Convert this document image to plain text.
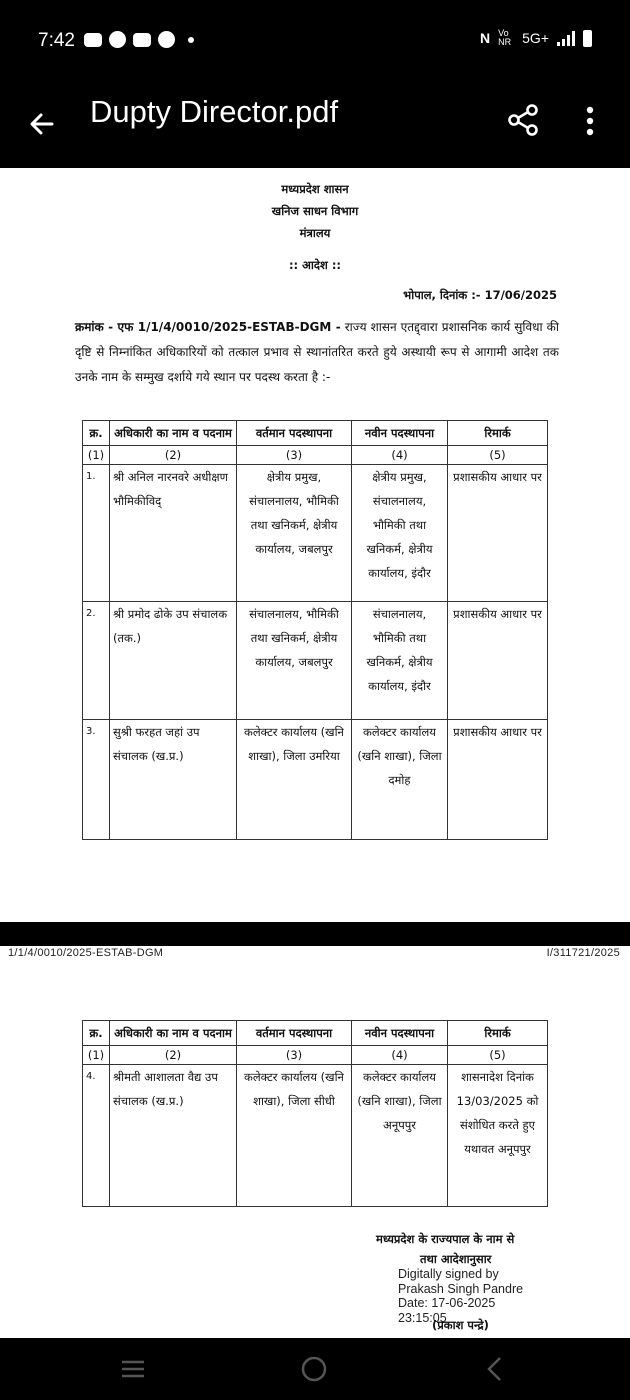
7:42	N Vo NR 5G+
Dupty Director.pdf
मध्यप्रदेश शासन
खनिज साधन विभाग
मंत्रालय
:: आदेश ::
भोपाल, दिनांक :- 17/06/2025
क्रमांक - एफ 1/1/4/0010/2025-ESTAB-DGM - राज्य शासन एतद्द्वारा प्रशासनिक कार्य सुविधा की दृष्टि से निम्नांकित अधिकारियों को तत्काल प्रभाव से स्थानांतरित करते हुये अस्थायी रूप से आगामी आदेश तक उनके नाम के सम्मुख दर्शाये गये स्थान पर पदस्थ करता है :-
क्र.	अधिकारी का नाम व पदनाम	वर्तमान पदस्थापना	नवीन पदस्थापना	रिमार्क
(1)	(2)	(3)	(4)	(5)
1.	श्री अनिल नारनवरे अधीक्षण भौमिकीविद्	क्षेत्रीय प्रमुख, संचालनालय, भौमिकी तथा खनिकर्म, क्षेत्रीय कार्यालय, जबलपुर	क्षेत्रीय प्रमुख, संचालनालय, भौमिकी तथा खनिकर्म, क्षेत्रीय कार्यालय, इंदौर	प्रशासकीय आधार पर
2.	श्री प्रमोद ढोके उप संचालक (तक.)	संचालनालय, भौमिकी तथा खनिकर्म, क्षेत्रीय कार्यालय, जबलपुर	संचालनालय, भौमिकी तथा खनिकर्म, क्षेत्रीय कार्यालय, इंदौर	प्रशासकीय आधार पर
3.	सुश्री फरहत जहां उप संचालक (ख.प्र.)	कलेक्टर कार्यालय (खनि शाखा), जिला उमरिया	कलेक्टर कार्यालय (खनि शाखा), जिला दमोह	प्रशासकीय आधार पर
1/1/4/0010/2025-ESTAB-DGM	I/311721/2025
क्र.	अधिकारी का नाम व पदनाम	वर्तमान पदस्थापना	नवीन पदस्थापना	रिमार्क
(1)	(2)	(3)	(4)	(5)
4.	श्रीमती आशालता वैद्य उप संचालक (ख.प्र.)	कलेक्टर कार्यालय (खनि शाखा), जिला सीधी	कलेक्टर कार्यालय (खनि शाखा), जिला अनूपपुर	शासनादेश दिनांक 13/03/2025 को संशोधित करते हुए यथावत अनूपपुर
मध्यप्रदेश के राज्यपाल के नाम से
तथा आदेशानुसार
Digitally signed by
Prakash Singh Pandre
Date: 17-06-2025
23:15:05
(प्रकाश पन्द्रे)
